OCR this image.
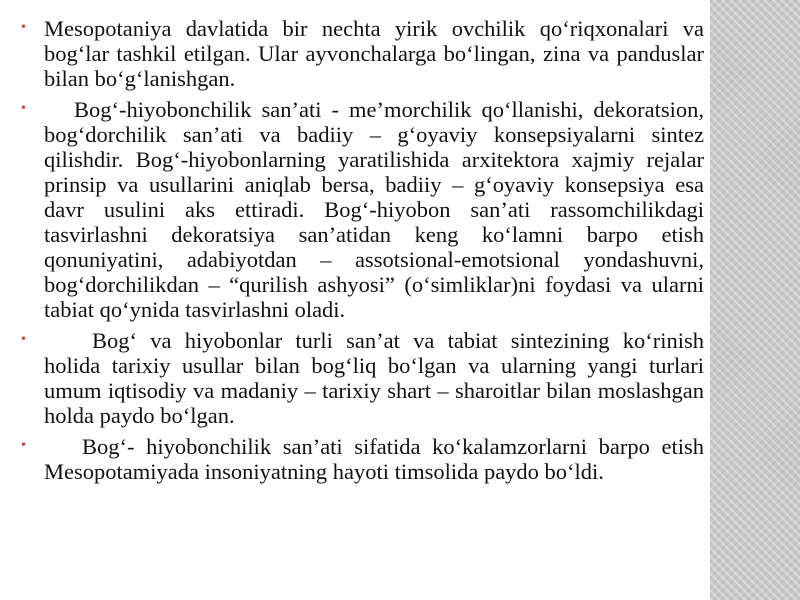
• Mesopotaniya davlatida bir nechta yirik ovchilik qo‘riqxonalari va bog‘lar tashkil etilgan. Ular ayvonchalarga bo‘lingan, zina va panduslar bilan bo‘g‘lanishgan.
•	Bog‘-hiyobonchilik san’ati - me’morchilik qo‘llanishi, dekoratsion, bog‘dorchilik san’ati va badiiy – g‘oyaviy konsepsiyalarni sintez qilishdir. Bog‘-hiyobonlarning yaratilishida arxitektora xajmiy rejalar prinsip va usullarini aniqlab bersa, badiiy – g‘oyaviy konsepsiya esa davr usulini aks ettiradi. Bog‘-hiyobon san’ati rassomchilikdagi tasvirlashni dekoratsiya san’atidan keng ko‘lamni barpo etish qonuniyatini, adabiyotdan – assotsional-emotsional yondashuvni, bog‘dorchilikdan – “qurilish ashyosi” (o‘simliklar)ni foydasi va ularni tabiat qo‘ynida tasvirlashni oladi.
•	Bog‘ va hiyobonlar turli san’at va tabiat sintezining ko‘rinish holida tarixiy usullar bilan bog‘liq bo‘lgan va ularning yangi turlari umum iqtisodiy va madaniy – tarixiy shart – sharoitlar bilan moslashgan holda paydo bo‘lgan.
•	Bog‘- hiyobonchilik san’ati sifatida ko‘kalamzorlarni barpo etish Mesopotamiyada insoniyatning hayoti timsolida paydo bo‘ldi.
